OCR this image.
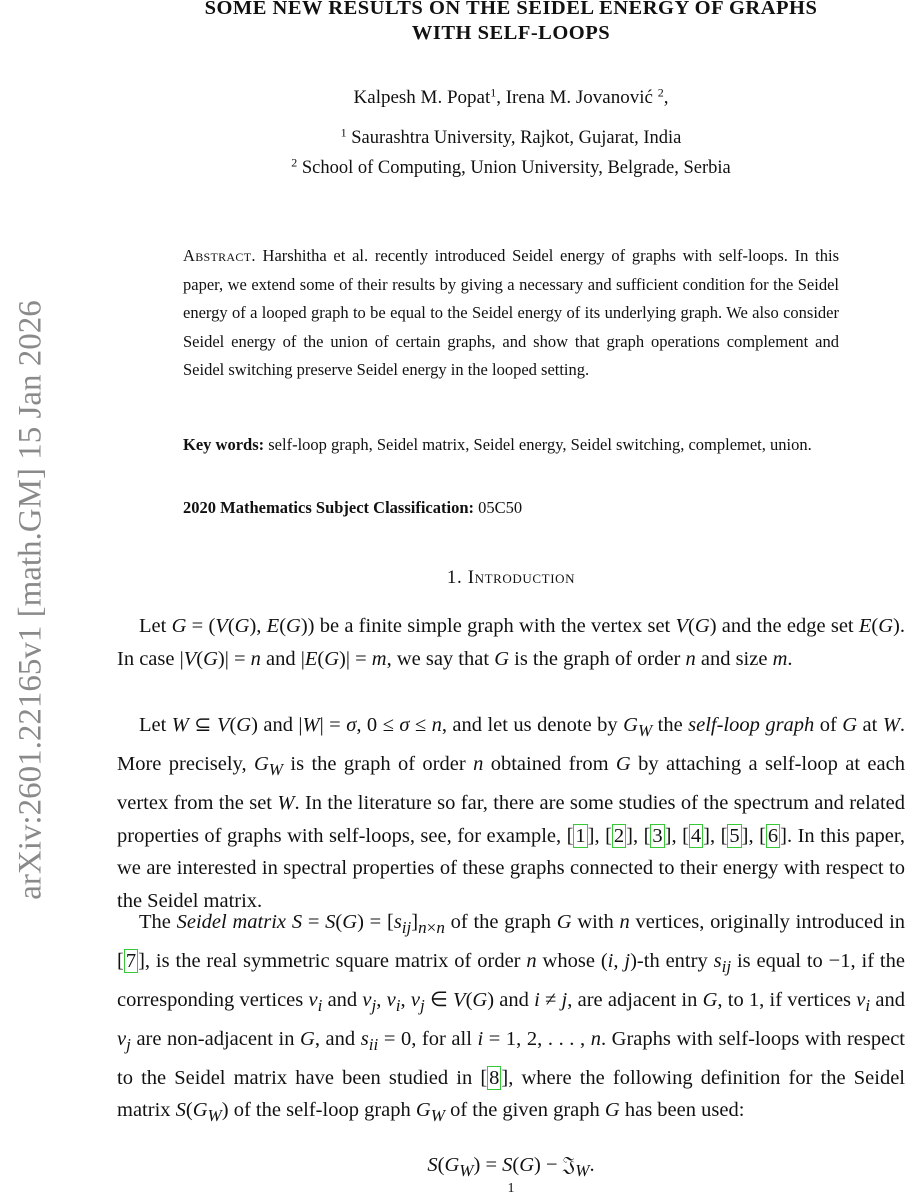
arXiv:2601.22165v1 [math.GM] 15 Jan 2026
SOME NEW RESULTS ON THE SEIDEL ENERGY OF GRAPHS
WITH SELF-LOOPS
Kalpesh M. Popat$^1$, Irena M. Jovanović $^2$,
$^1$ Saurashtra University, Rajkot, Gujarat, India
$^2$ School of Computing, Union University, Belgrade, Serbia
Abstract. Harshitha et al. recently introduced Seidel energy of graphs with self-loops. In this paper, we extend some of their results by giving a necessary and sufficient condition for the Seidel energy of a looped graph to be equal to the Seidel energy of its underlying graph. We also consider Seidel energy of the union of certain graphs, and show that graph operations complement and Seidel switching preserve Seidel energy in the looped setting.
Key words: self-loop graph, Seidel matrix, Seidel energy, Seidel switching, complemet, union.
2020 Mathematics Subject Classification: 05C50
1. Introduction
Let G = (V(G), E(G)) be a finite simple graph with the vertex set V(G) and the edge set E(G). In case |V(G)| = n and |E(G)| = m, we say that G is the graph of order n and size m.
Let W ⊆ V(G) and |W| = σ, 0 ≤ σ ≤ n, and let us denote by $G_W$ the self-loop graph of G at W. More precisely, $G_W$ is the graph of order n obtained from G by attaching a self-loop at each vertex from the set W. In the literature so far, there are some studies of the spectrum and related properties of graphs with self-loops, see, for example, [1], [2], [3], [4], [5], [6]. In this paper, we are interested in spectral properties of these graphs connected to their energy with respect to the Seidel matrix.
The Seidel matrix $S = S(G) = [s_{ij}]_{n\times n}$ of the graph G with n vertices, originally introduced in [7], is the real symmetric square matrix of order n whose (i, j)-th entry $s_{ij}$ is equal to −1, if the corresponding vertices $v_i$ and $v_j$, $v_i$, $v_j$ ∈ V(G) and i ≠ j, are adjacent in G, to 1, if vertices $v_i$ and $v_j$ are non-adjacent in G, and $s_{ii} = 0$, for all i = 1, 2, . . . , n. Graphs with self-loops with respect to the Seidel matrix have been studied in [8], where the following definition for the Seidel matrix $S(G_W)$ of the self-loop graph $G_W$ of the given graph G has been used:
$S(G_W) = S(G)$ − 𝔍$_W$.
1
